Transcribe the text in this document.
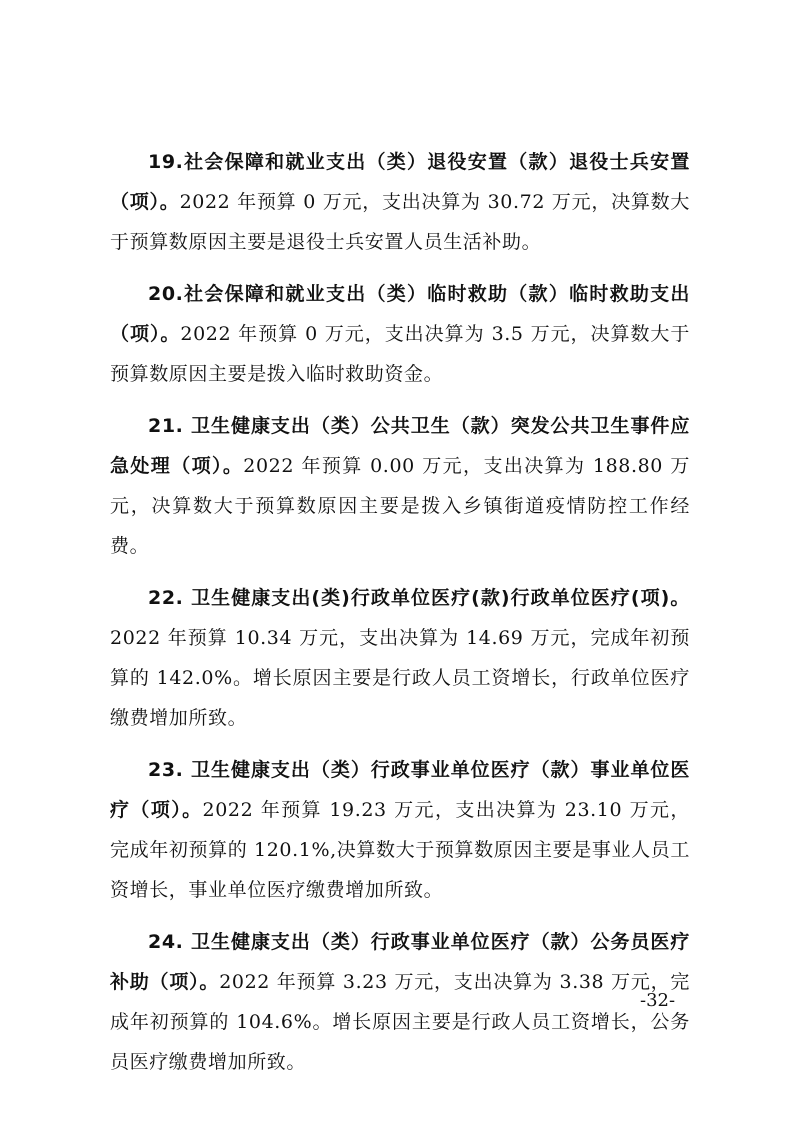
19.社会保障和就业支出（类）退役安置（款）退役士兵安置（项）。2022 年预算 0 万元，支出决算为 30.72 万元，决算数大于预算数原因主要是退役士兵安置人员生活补助。

20.社会保障和就业支出（类）临时救助（款）临时救助支出（项）。2022 年预算 0 万元，支出决算为 3.5 万元，决算数大于预算数原因主要是拨入临时救助资金。

21. 卫生健康支出（类）公共卫生（款）突发公共卫生事件应急处理（项）。2022 年预算 0.00 万元，支出决算为 188.80 万元，决算数大于预算数原因主要是拨入乡镇街道疫情防控工作经费。

22. 卫生健康支出(类)行政单位医疗(款)行政单位医疗(项)。2022 年预算 10.34 万元，支出决算为 14.69 万元，完成年初预算的 142.0%。增长原因主要是行政人员工资增长，行政单位医疗缴费增加所致。

23. 卫生健康支出（类）行政事业单位医疗（款）事业单位医疗（项）。2022 年预算 19.23 万元，支出决算为 23.10 万元，完成年初预算的 120.1%,决算数大于预算数原因主要是事业人员工资增长，事业单位医疗缴费增加所致。

24. 卫生健康支出（类）行政事业单位医疗（款）公务员医疗补助（项）。2022 年预算 3.23 万元，支出决算为 3.38 万元，完成年初预算的 104.6%。增长原因主要是行政人员工资增长，公务员医疗缴费增加所致。

-32-
